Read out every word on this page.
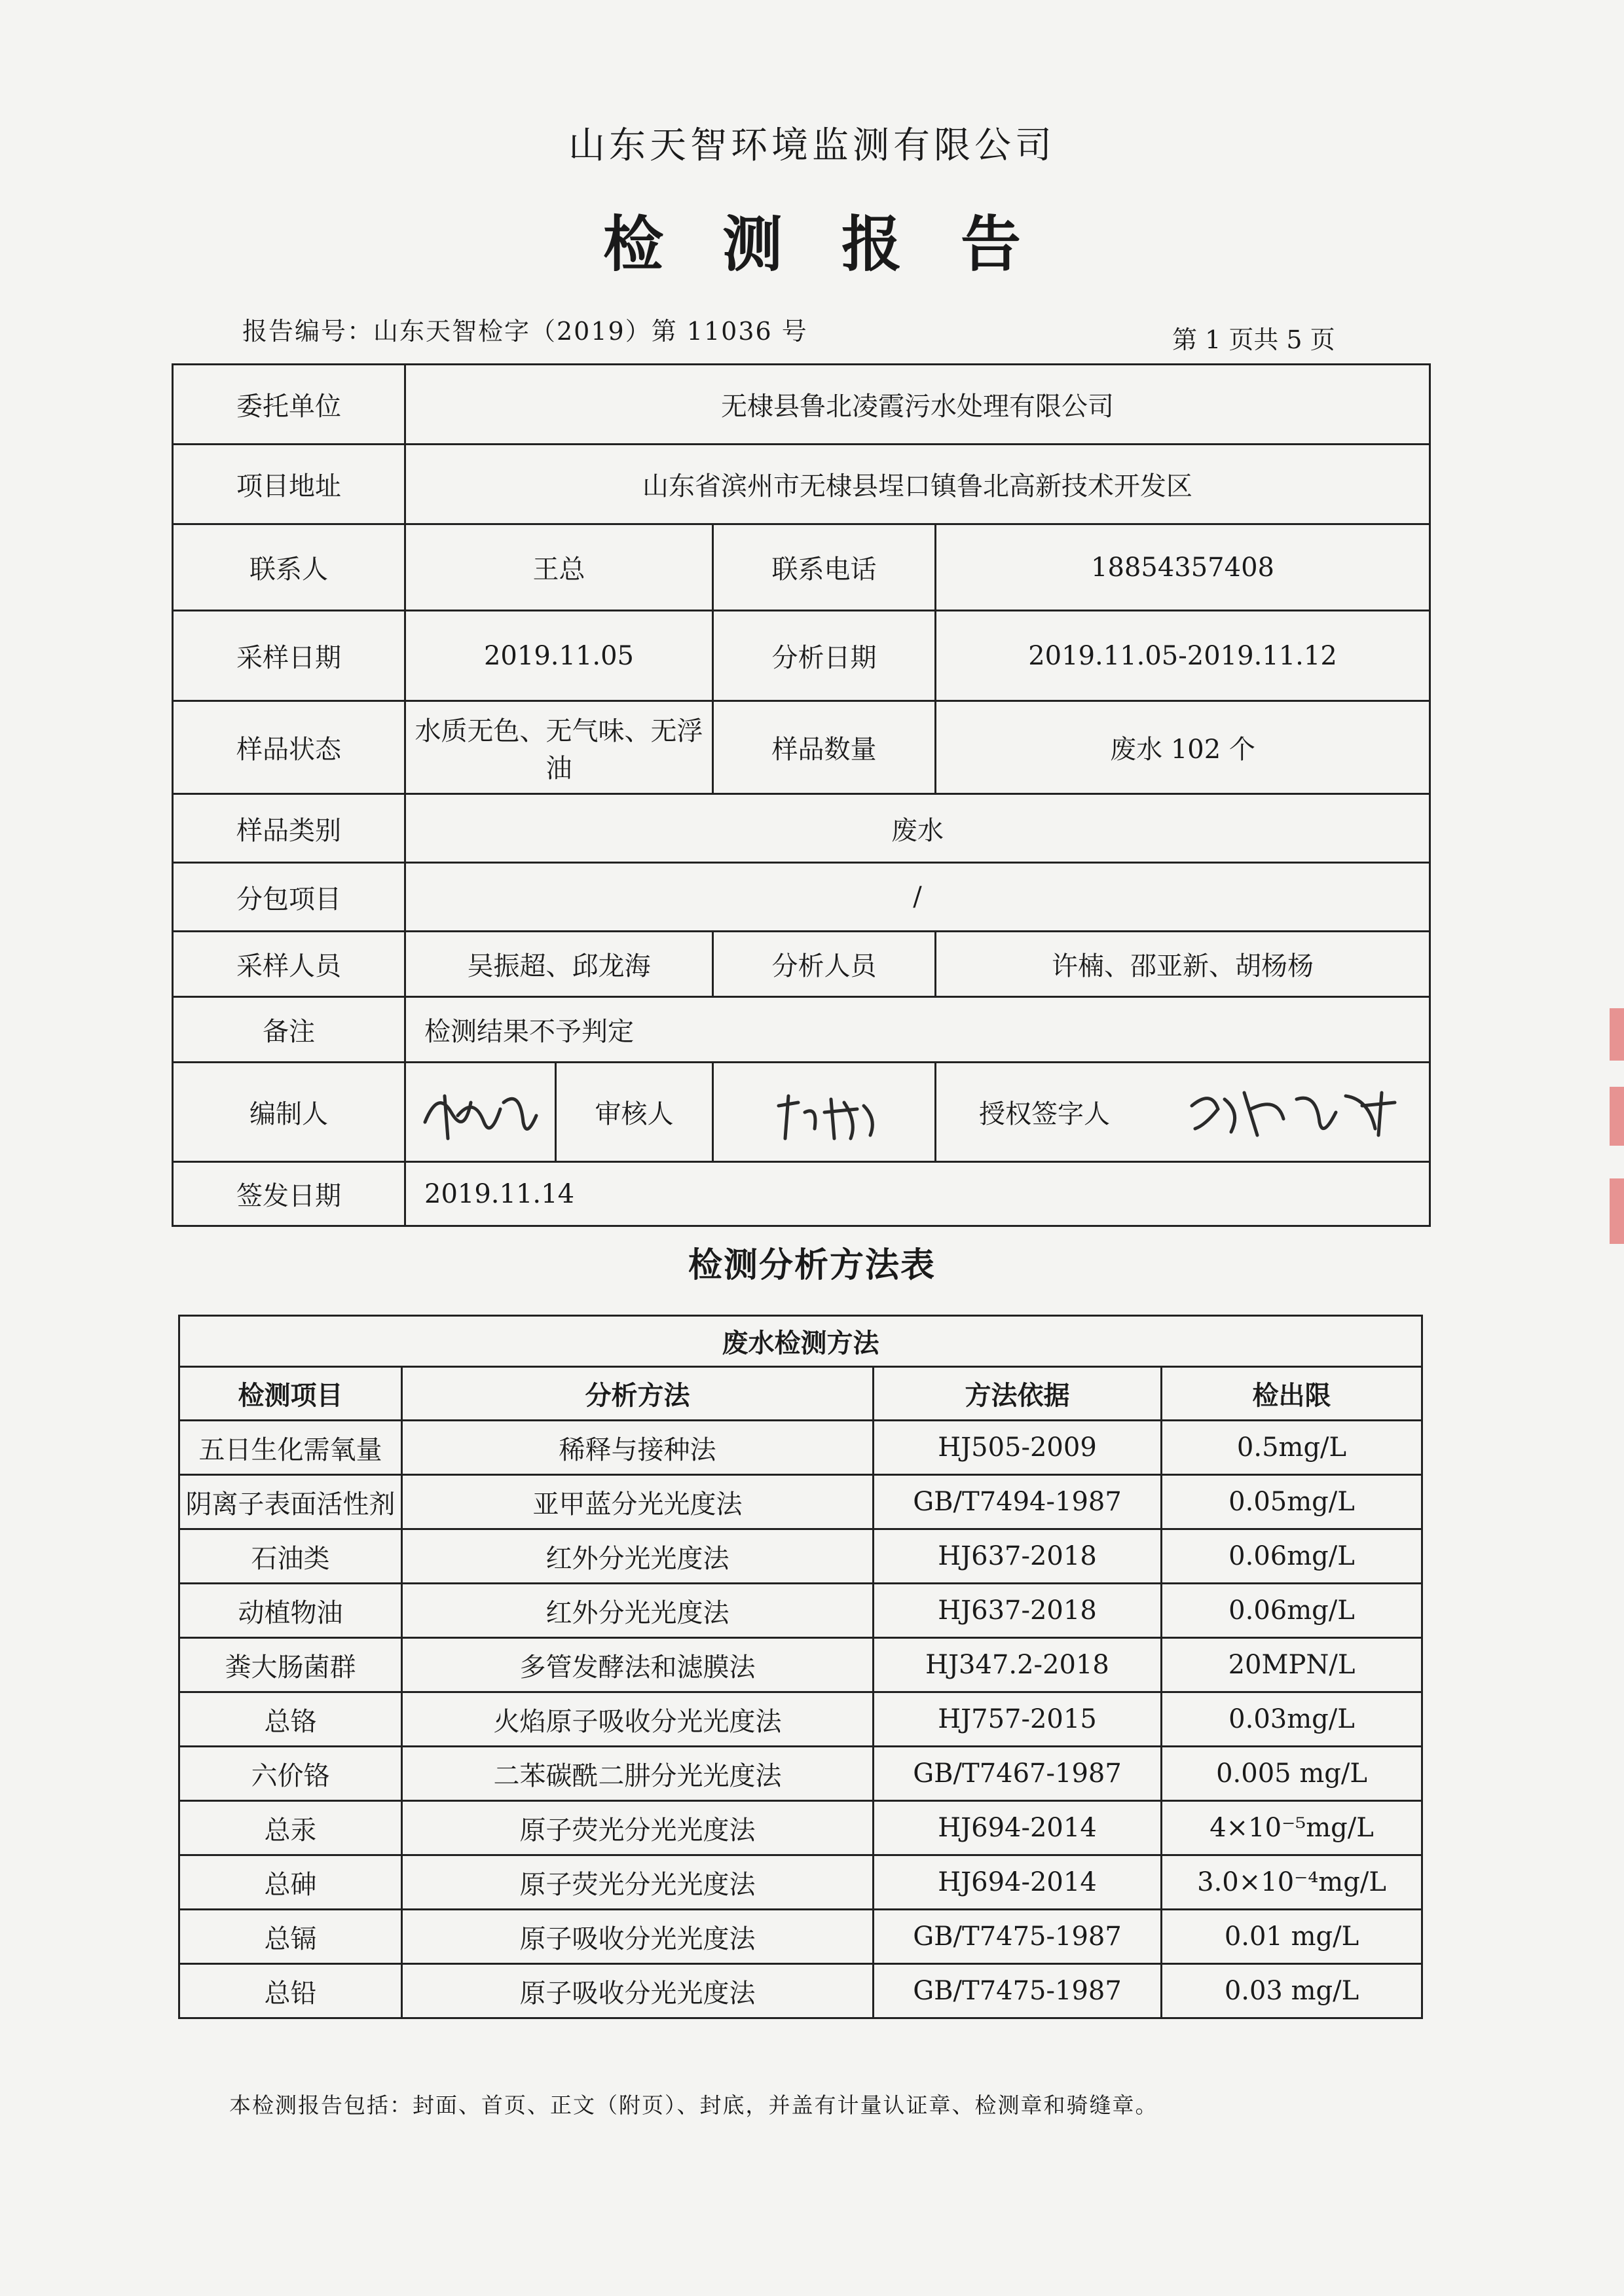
山东天智环境监测有限公司
检测报告
报告编号：山东天智检字（2019）第 11036 号	第 1 页共 5 页
委托单位	无棣县鲁北凌霞污水处理有限公司			
项目地址	山东省滨州市无棣县埕口镇鲁北高新技术开发区			
联系人	王总		联系电话	18854357408
采样日期	2019.11.05		分析日期	2019.11.05-2019.11.12
样品状态	水质无色、无气味、无浮油		样品数量	废水 102 个
样品类别	废水			
分包项目	/			
采样人员	吴振超、邱龙海		分析人员	许楠、邵亚新、胡杨杨
备注	检测结果不予判定			
编制人		审核人		授权签字人

签发日期	2019.11.14			
检测分析方法表
废水检测方法			
检测项目	分析方法	方法依据	检出限
五日生化需氧量	稀释与接种法	HJ505-2009	0.5mg/L
阴离子表面活性剂	亚甲蓝分光光度法	GB/T7494-1987	0.05mg/L
石油类	红外分光光度法	HJ637-2018	0.06mg/L
动植物油	红外分光光度法	HJ637-2018	0.06mg/L
粪大肠菌群	多管发酵法和滤膜法	HJ347.2-2018	20MPN/L
总铬	火焰原子吸收分光光度法	HJ757-2015	0.03mg/L
六价铬	二苯碳酰二肼分光光度法	GB/T7467-1987	0.005 mg/L
总汞	原子荧光分光光度法	HJ694-2014	4×10⁻⁵mg/L
总砷	原子荧光分光光度法	HJ694-2014	3.0×10⁻⁴mg/L
总镉	原子吸收分光光度法	GB/T7475-1987	0.01 mg/L
总铅	原子吸收分光光度法	GB/T7475-1987	0.03 mg/L
本检测报告包括：封面、首页、正文（附页）、封底，并盖有计量认证章、检测章和骑缝章。
